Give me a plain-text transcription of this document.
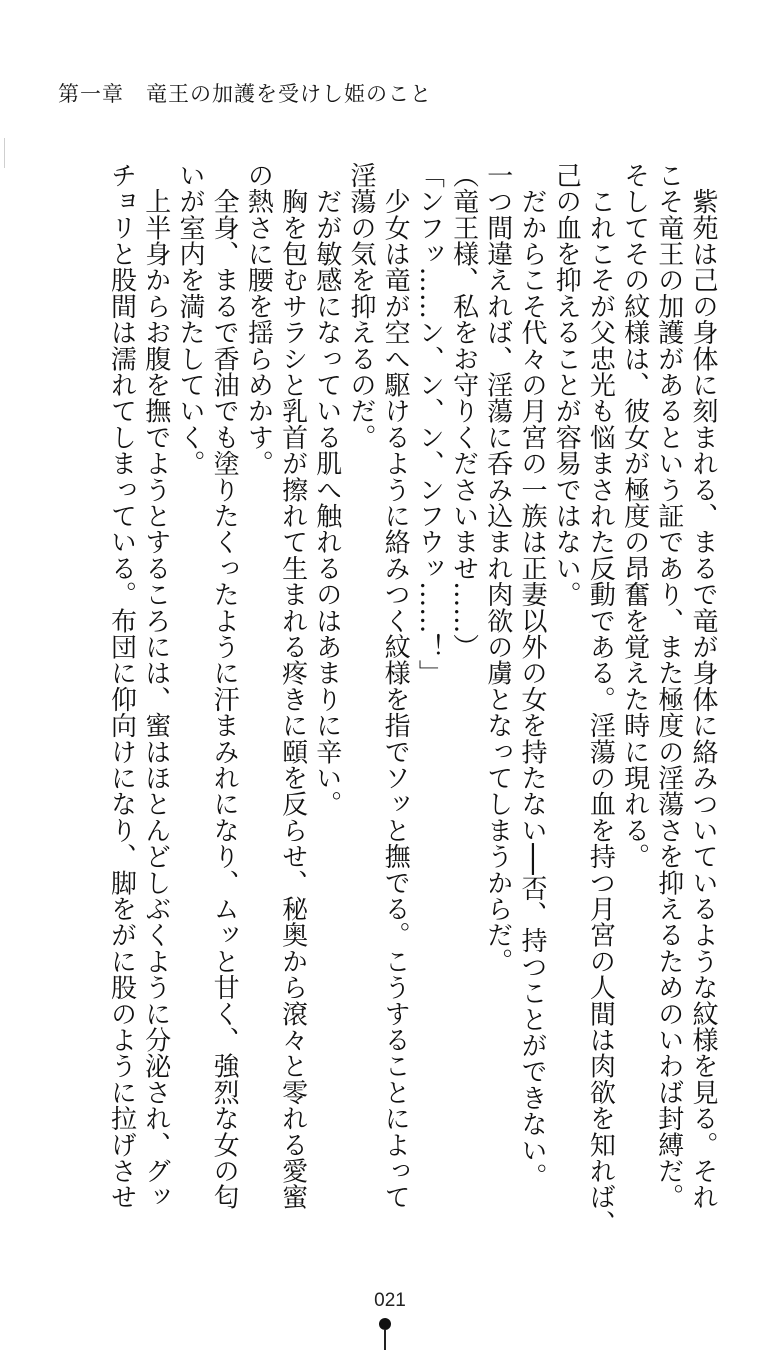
第一章　竜王の加護を受けし姫のこと
　紫苑は己の身体に刻まれる、まるで竜が身体に絡みついているような紋様を見る。それ
こそ竜王の加護があるという証であり、また極度の淫蕩さを抑えるためのいわば封縛だ。
そしてその紋様は、彼女が極度の昂奮を覚えた時に現れる。
　これこそが父忠光も悩まされた反動である。淫蕩の血を持つ月宮の人間は肉欲を知れば、
己の血を抑えることが容易ではない。
　だからこそ代々の月宮の一族は正妻以外の女を持たない──否、持つことができない。
一つ間違えれば、淫蕩に呑み込まれ肉欲の虜となってしまうからだ。
（竜王様、私をお守りくださいませ……）
「ンフッ……ン、ン、ン、ンフウッ……！」
　少女は竜が空へ駆けるように絡みつく紋様を指でソッと撫でる。こうすることによって
淫蕩の気を抑えるのだ。
　だが敏感になっている肌へ触れるのはあまりに辛い。
　胸を包むサラシと乳首が擦れて生まれる疼きに頤を反らせ、秘奥から滾々と零れる愛蜜
の熱さに腰を揺らめかす。
　全身、まるで香油でも塗りたくったように汗まみれになり、ムッと甘く、強烈な女の匂
いが室内を満たしていく。
　上半身からお腹を撫でようとするころには、蜜はほとんどしぶくように分泌され、グッ
チョリと股間は濡れてしまっている。布団に仰向けになり、脚をがに股のように拉げさせ
021
